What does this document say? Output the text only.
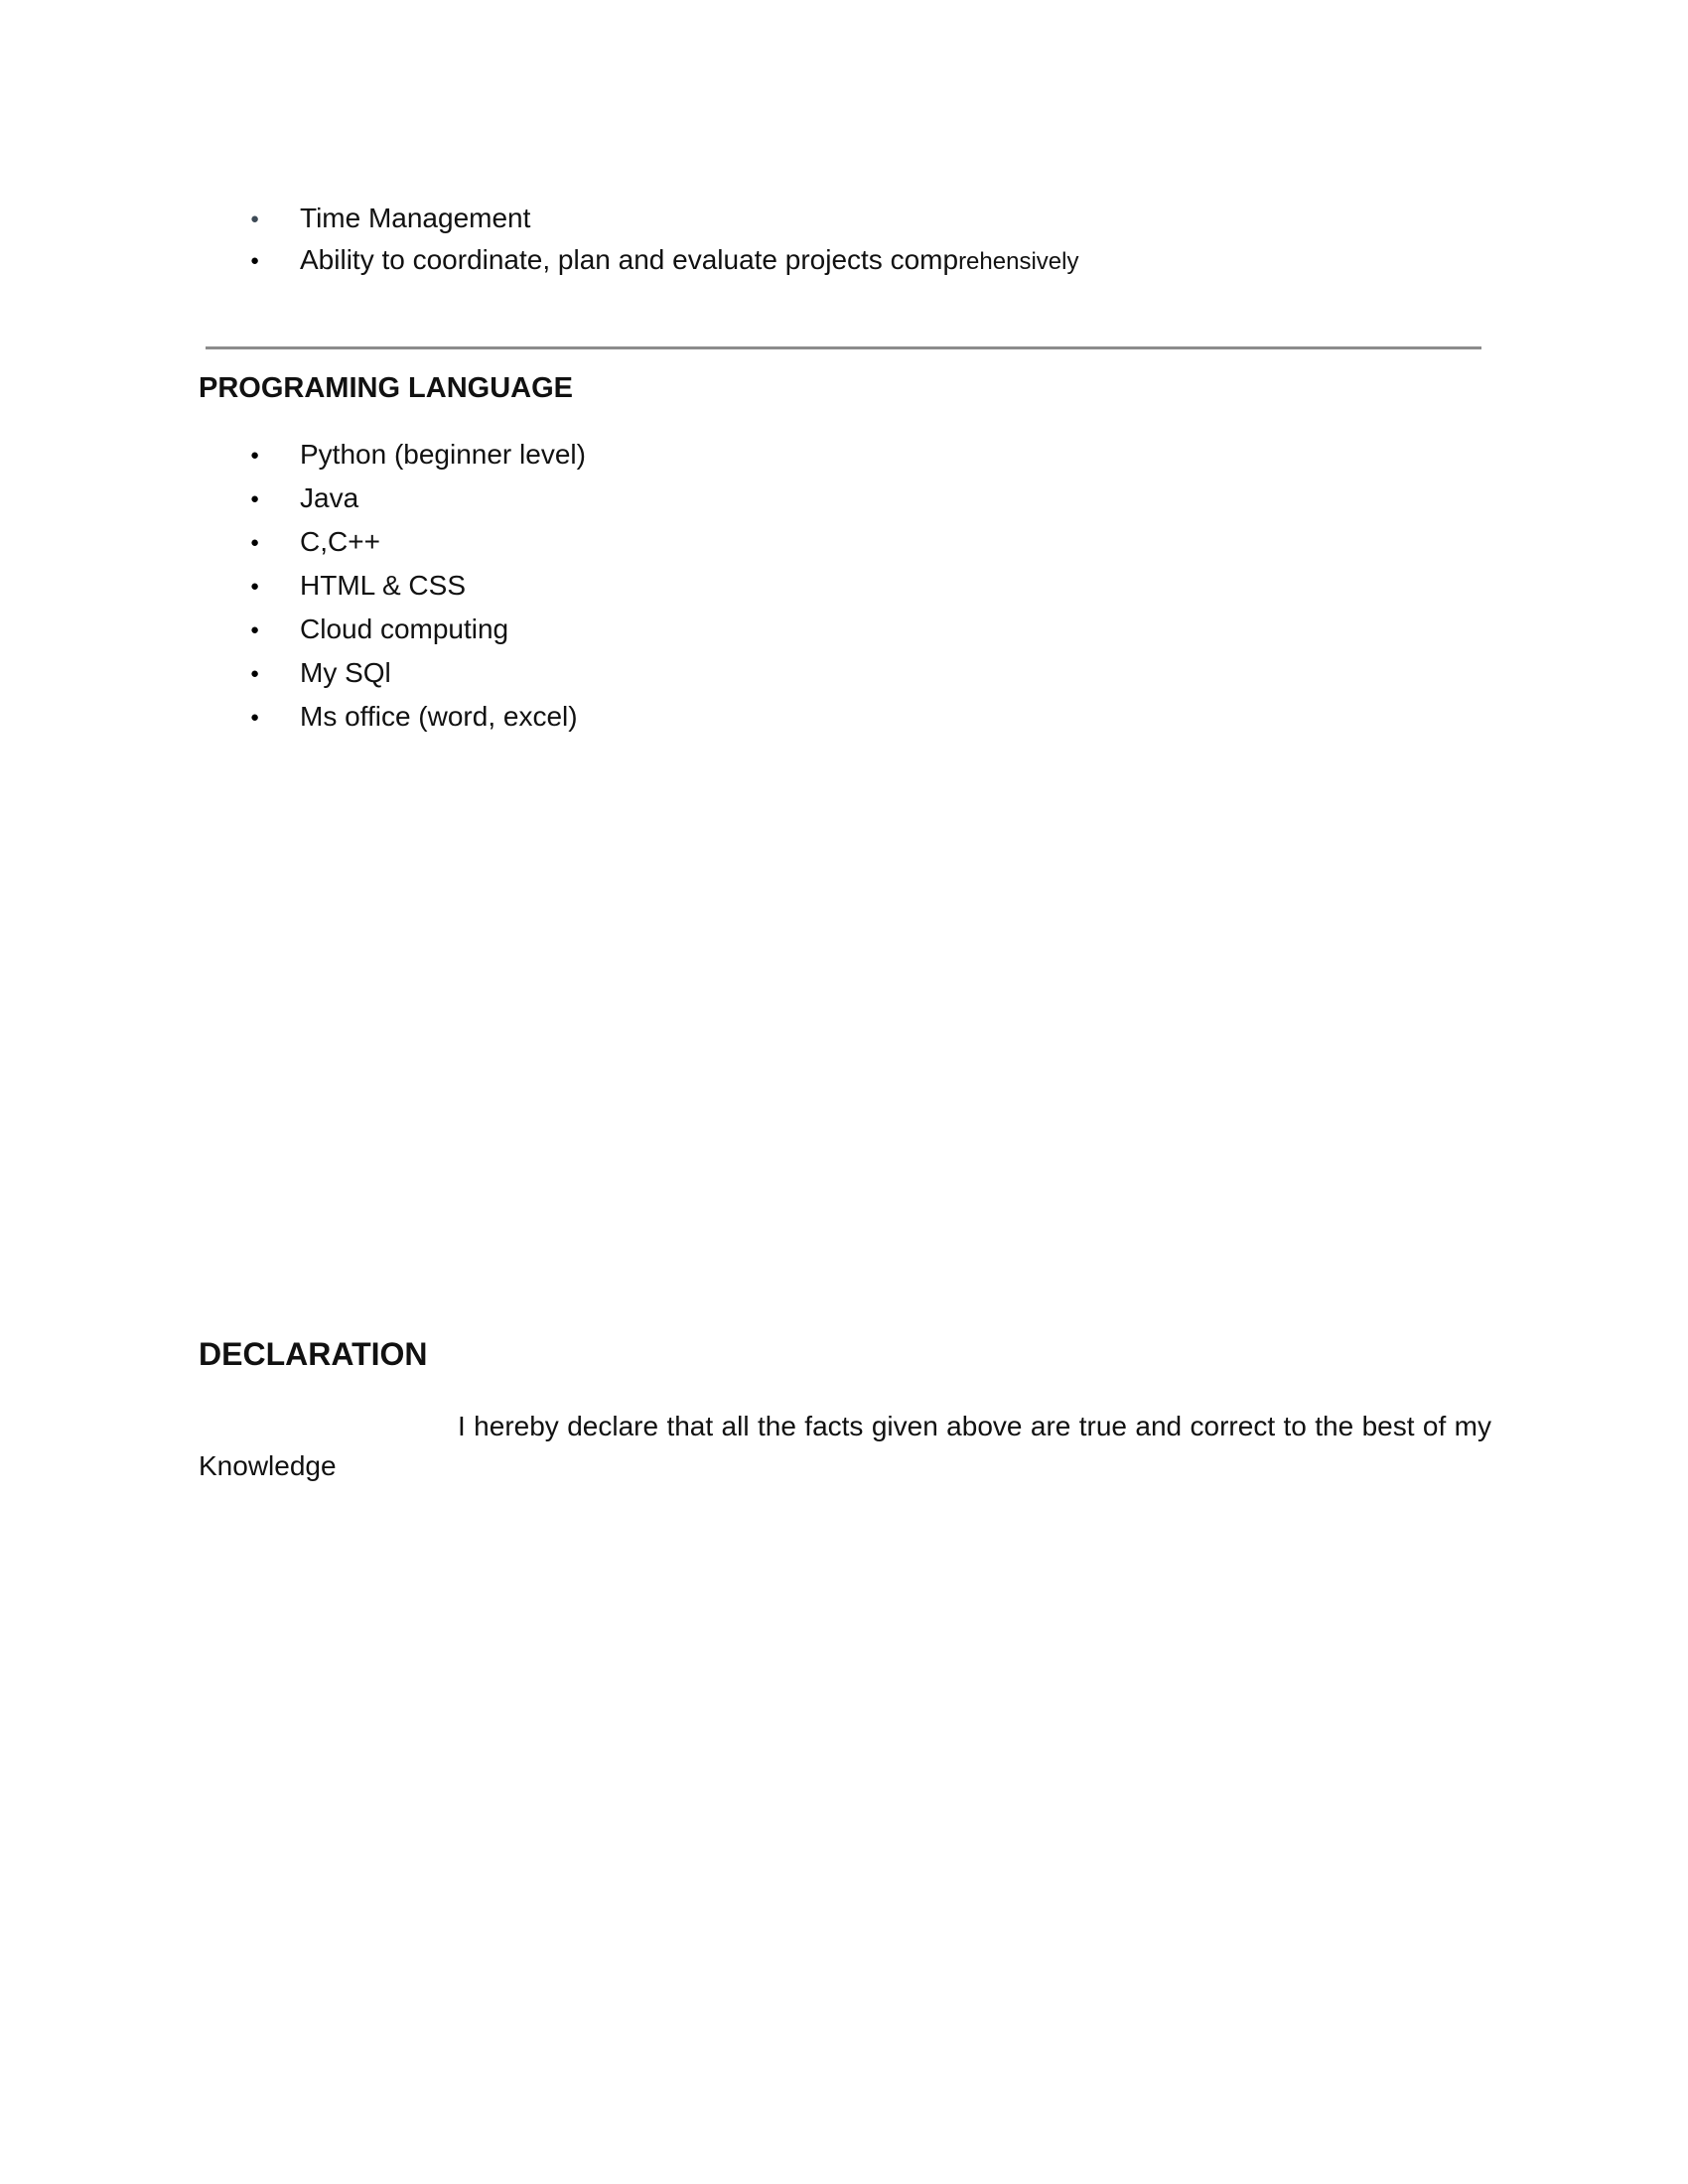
●
Time Management
●
Ability to coordinate, plan and evaluate projects comprehensively
PROGRAMING LANGUAGE
●
Python (beginner level)
●
Java
●
C,C++
●
HTML & CSS
●
Cloud computing
●
My SQl
●
Ms office (word, excel)
DECLARATION
I hereby declare that all the facts given above are true and correct to the best of my
Knowledge
